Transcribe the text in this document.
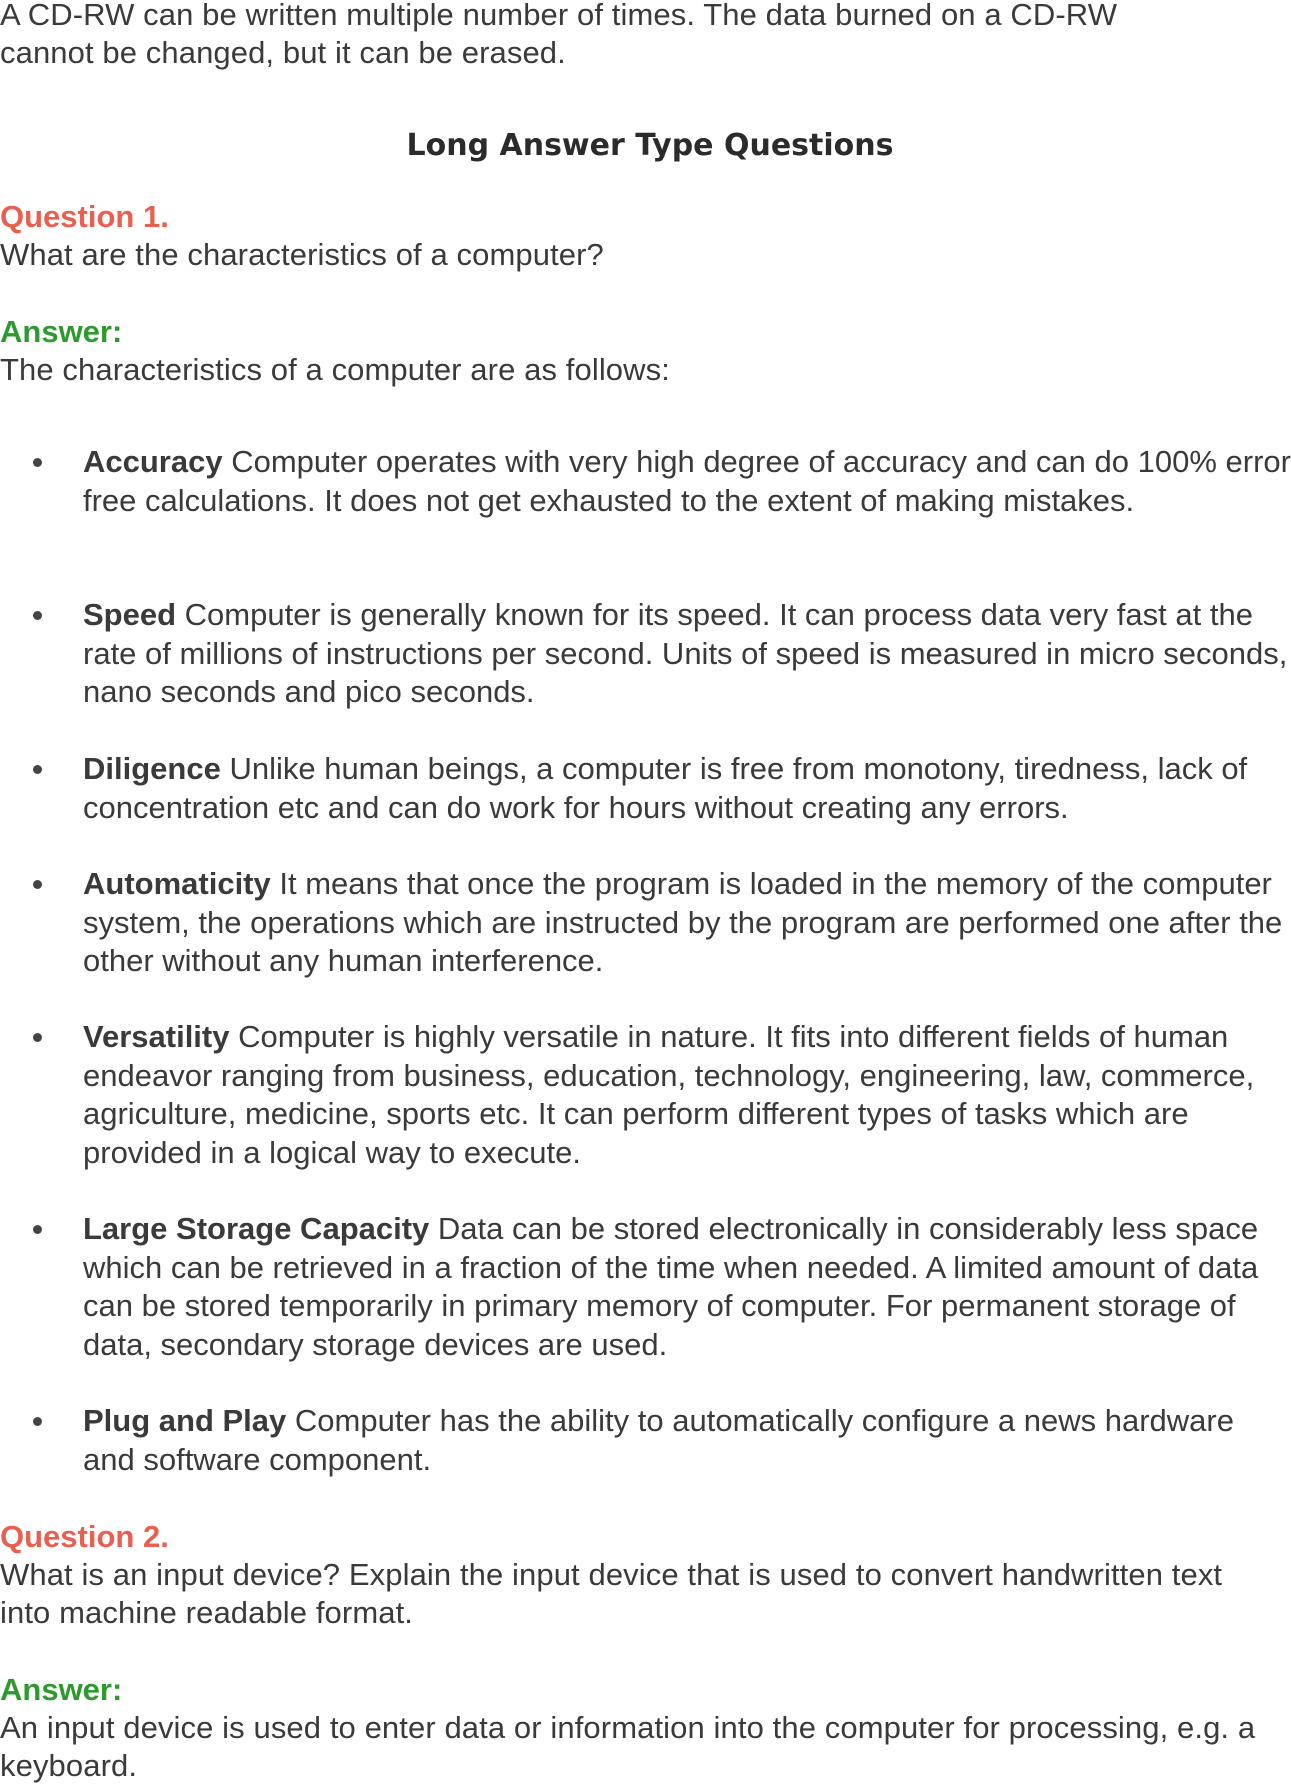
A CD-RW can be written multiple number of times. The data burned on a CD-RW cannot be changed, but it can be erased.

Long Answer Type Questions

Question 1.

What are the characteristics of a computer?

Answer:

The characteristics of a computer are as follows:

Accuracy Computer operates with very high degree of accuracy and can do 100% error free calculations. It does not get exhausted to the extent of making mistakes.
Speed Computer is generally known for its speed. It can process data very fast at the rate of millions of instructions per second. Units of speed is measured in micro seconds, nano seconds and pico seconds.
Diligence Unlike human beings, a computer is free from monotony, tiredness, lack of concentration etc and can do work for hours without creating any errors.
Automaticity It means that once the program is loaded in the memory of the computer system, the operations which are instructed by the program are performed one after the other without any human interference.
Versatility Computer is highly versatile in nature. It fits into different fields of human endeavor ranging from business, education, technology, engineering, law, commerce, agriculture, medicine, sports etc. It can perform different types of tasks which are provided in a logical way to execute.
Large Storage Capacity Data can be stored electronically in considerably less space which can be retrieved in a fraction of the time when needed. A limited amount of data can be stored temporarily in primary memory of computer. For permanent storage of data, secondary storage devices are used.
Plug and Play Computer has the ability to automatically configure a news hardware and software component.

Question 2.

What is an input device? Explain the input device that is used to convert handwritten text into machine readable format.

Answer:

An input device is used to enter data or information into the computer for processing, e.g. a keyboard.
